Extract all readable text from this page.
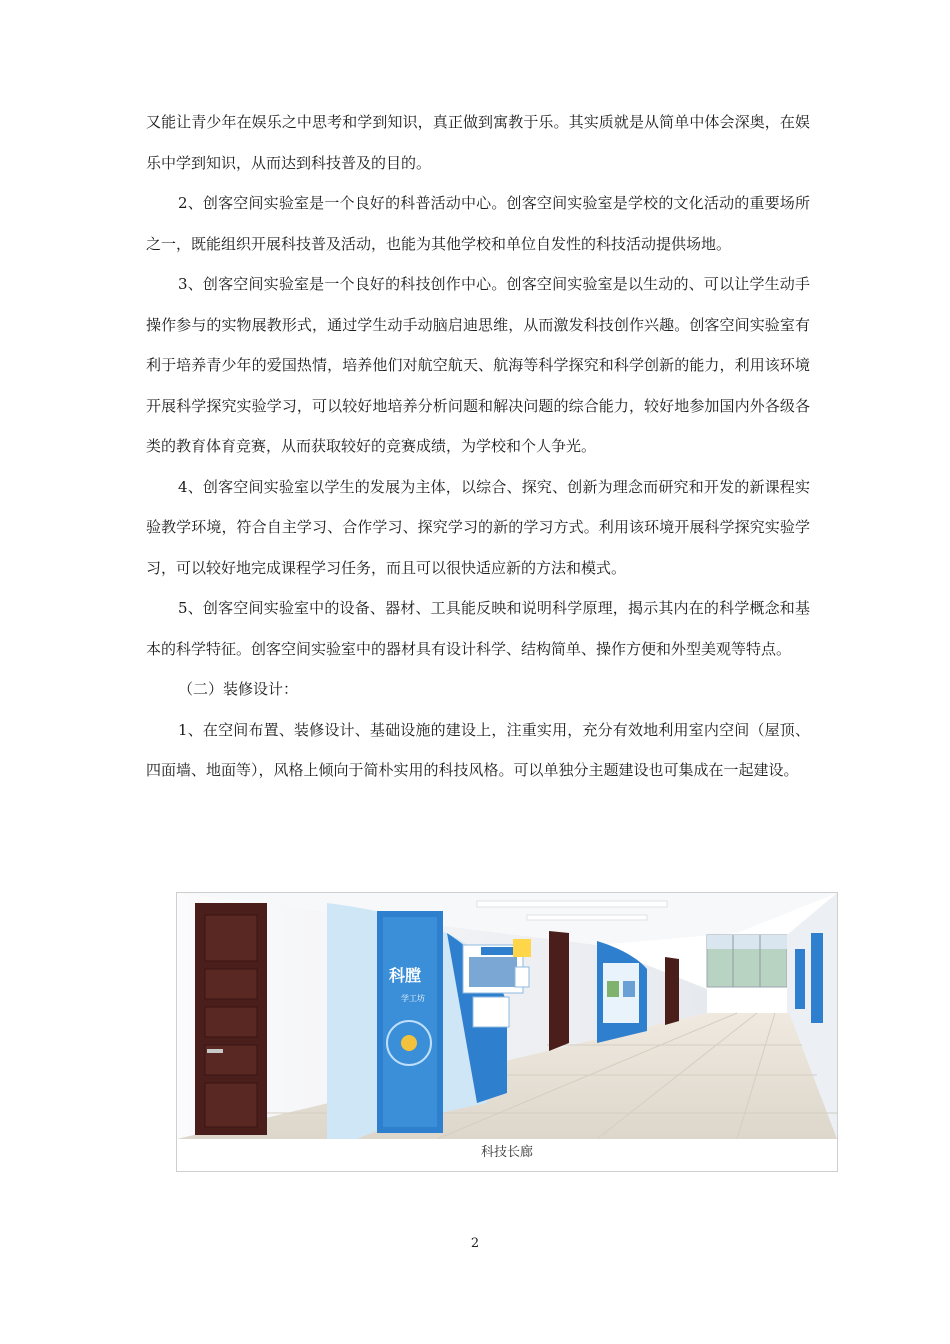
又能让青少年在娱乐之中思考和学到知识，真正做到寓教于乐。其实质就是从简单中体会深奥，在娱乐中学到知识，从而达到科技普及的目的。

2、创客空间实验室是一个良好的科普活动中心。创客空间实验室是学校的文化活动的重要场所之一，既能组织开展科技普及活动，也能为其他学校和单位自发性的科技活动提供场地。

3、创客空间实验室是一个良好的科技创作中心。创客空间实验室是以生动的、可以让学生动手操作参与的实物展教形式，通过学生动手动脑启迪思维，从而激发科技创作兴趣。创客空间实验室有利于培养青少年的爱国热情，培养他们对航空航天、航海等科学探究和科学创新的能力，利用该环境开展科学探究实验学习，可以较好地培养分析问题和解决问题的综合能力，较好地参加国内外各级各类的教育体育竞赛，从而获取较好的竞赛成绩，为学校和个人争光。

4、创客空间实验室以学生的发展为主体，以综合、探究、创新为理念而研究和开发的新课程实验教学环境，符合自主学习、合作学习、探究学习的新的学习方式。利用该环境开展科学探究实验学习，可以较好地完成课程学习任务，而且可以很快适应新的方法和模式。

5、创客空间实验室中的设备、器材、工具能反映和说明科学原理，揭示其内在的科学概念和基本的科学特征。创客空间实验室中的器材具有设计科学、结构简单、操作方便和外型美观等特点。

（二）装修设计：

1、在空间布置、装修设计、基础设施的建设上，注重实用，充分有效地利用室内空间（屋顶、四面墙、地面等），风格上倾向于简朴实用的科技风格。可以单独分主题建设也可集成在一起建设。

科膛
学工坊
科技长廊
2
